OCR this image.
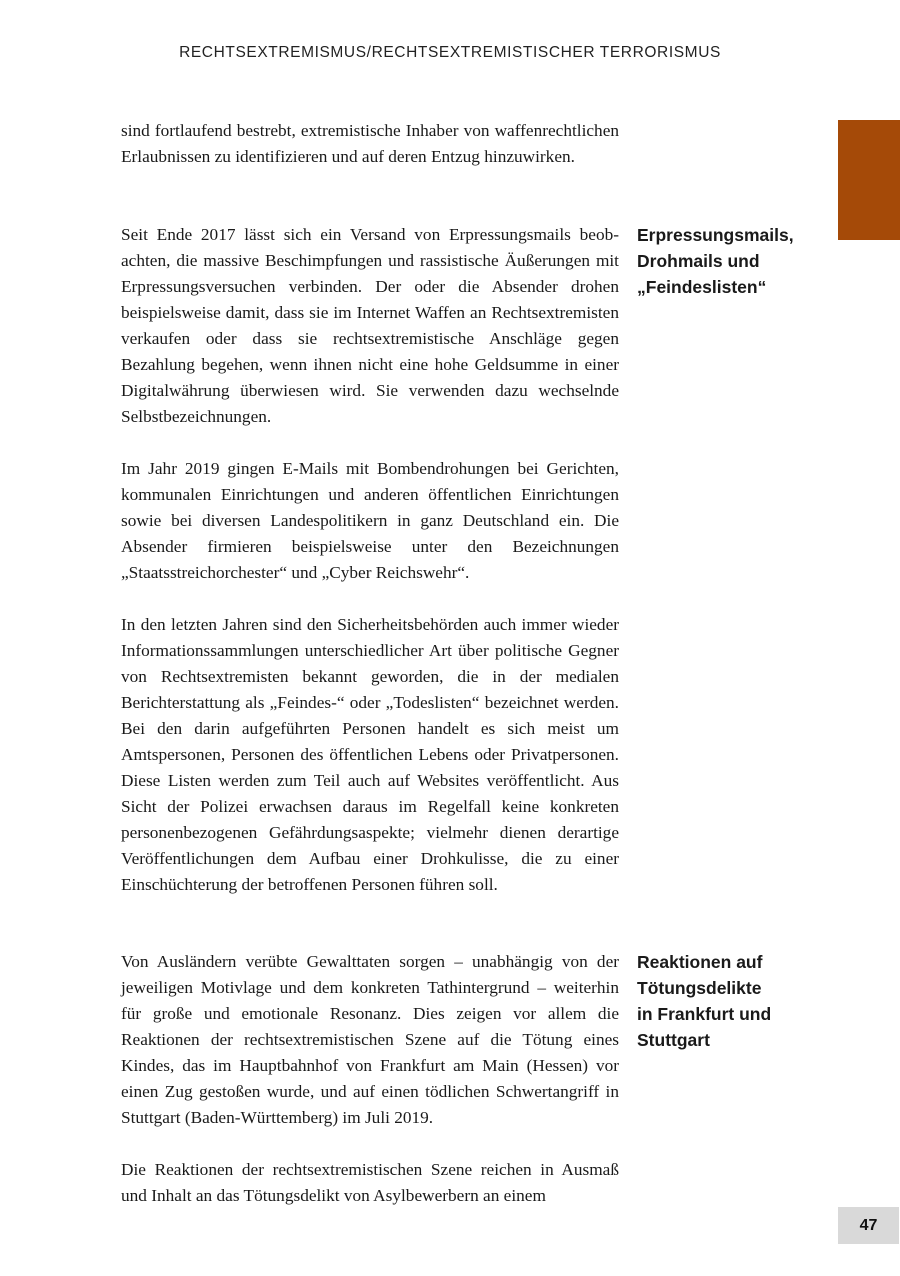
RECHTSEXTREMISMUS/RECHTSEXTREMISTISCHER TERRORISMUS

sind fortlaufend bestrebt, extremistische Inhaber von waffenrechtlichen Erlaubnissen zu identifizieren und auf deren Entzug hinzuwirken.

Seit Ende 2017 lässt sich ein Versand von Erpressungsmails beobachten, die massive Beschimpfungen und rassistische Äußerungen mit Erpressungsversuchen verbinden. Der oder die Absender drohen beispielsweise damit, dass sie im Internet Waffen an Rechtsextremisten verkaufen oder dass sie rechtsextremistische Anschläge gegen Bezahlung begehen, wenn ihnen nicht eine hohe Geldsumme in einer Digitalwährung überwiesen wird. Sie verwenden dazu wechselnde Selbstbezeichnungen.

Erpressungsmails,
Drohmails und
„Feindeslisten“

Im Jahr 2019 gingen E-Mails mit Bombendrohungen bei Gerichten, kommunalen Einrichtungen und anderen öffentlichen Einrichtungen sowie bei diversen Landespolitikern in ganz Deutschland ein. Die Absender firmieren beispielsweise unter den Bezeichnungen „Staatsstreichorchester“ und „Cyber Reichswehr“.

In den letzten Jahren sind den Sicherheitsbehörden auch immer wieder Informationssammlungen unterschiedlicher Art über politische Gegner von Rechtsextremisten bekannt geworden, die in der medialen Berichterstattung als „Feindes-“ oder „Todeslisten“ bezeichnet werden. Bei den darin aufgeführten Personen handelt es sich meist um Amtspersonen, Personen des öffentlichen Lebens oder Privatpersonen. Diese Listen werden zum Teil auch auf Websites veröffentlicht. Aus Sicht der Polizei erwachsen daraus im Regelfall keine konkreten personenbezogenen Gefährdungsaspekte; vielmehr dienen derartige Veröffentlichungen dem Aufbau einer Drohkulisse, die zu einer Einschüchterung der betroffenen Personen führen soll.

Von Ausländern verübte Gewalttaten sorgen – unabhängig von der jeweiligen Motivlage und dem konkreten Tathintergrund – weiterhin für große und emotionale Resonanz. Dies zeigen vor allem die Reaktionen der rechtsextremistischen Szene auf die Tötung eines Kindes, das im Hauptbahnhof von Frankfurt am Main (Hessen) vor einen Zug gestoßen wurde, und auf einen tödlichen Schwertangriff in Stuttgart (Baden-Württemberg) im Juli 2019.

Reaktionen auf
Tötungsdelikte
in Frankfurt und
Stuttgart

Die Reaktionen der rechtsextremistischen Szene reichen in Ausmaß und Inhalt an das Tötungsdelikt von Asylbewerbern an einem

47
